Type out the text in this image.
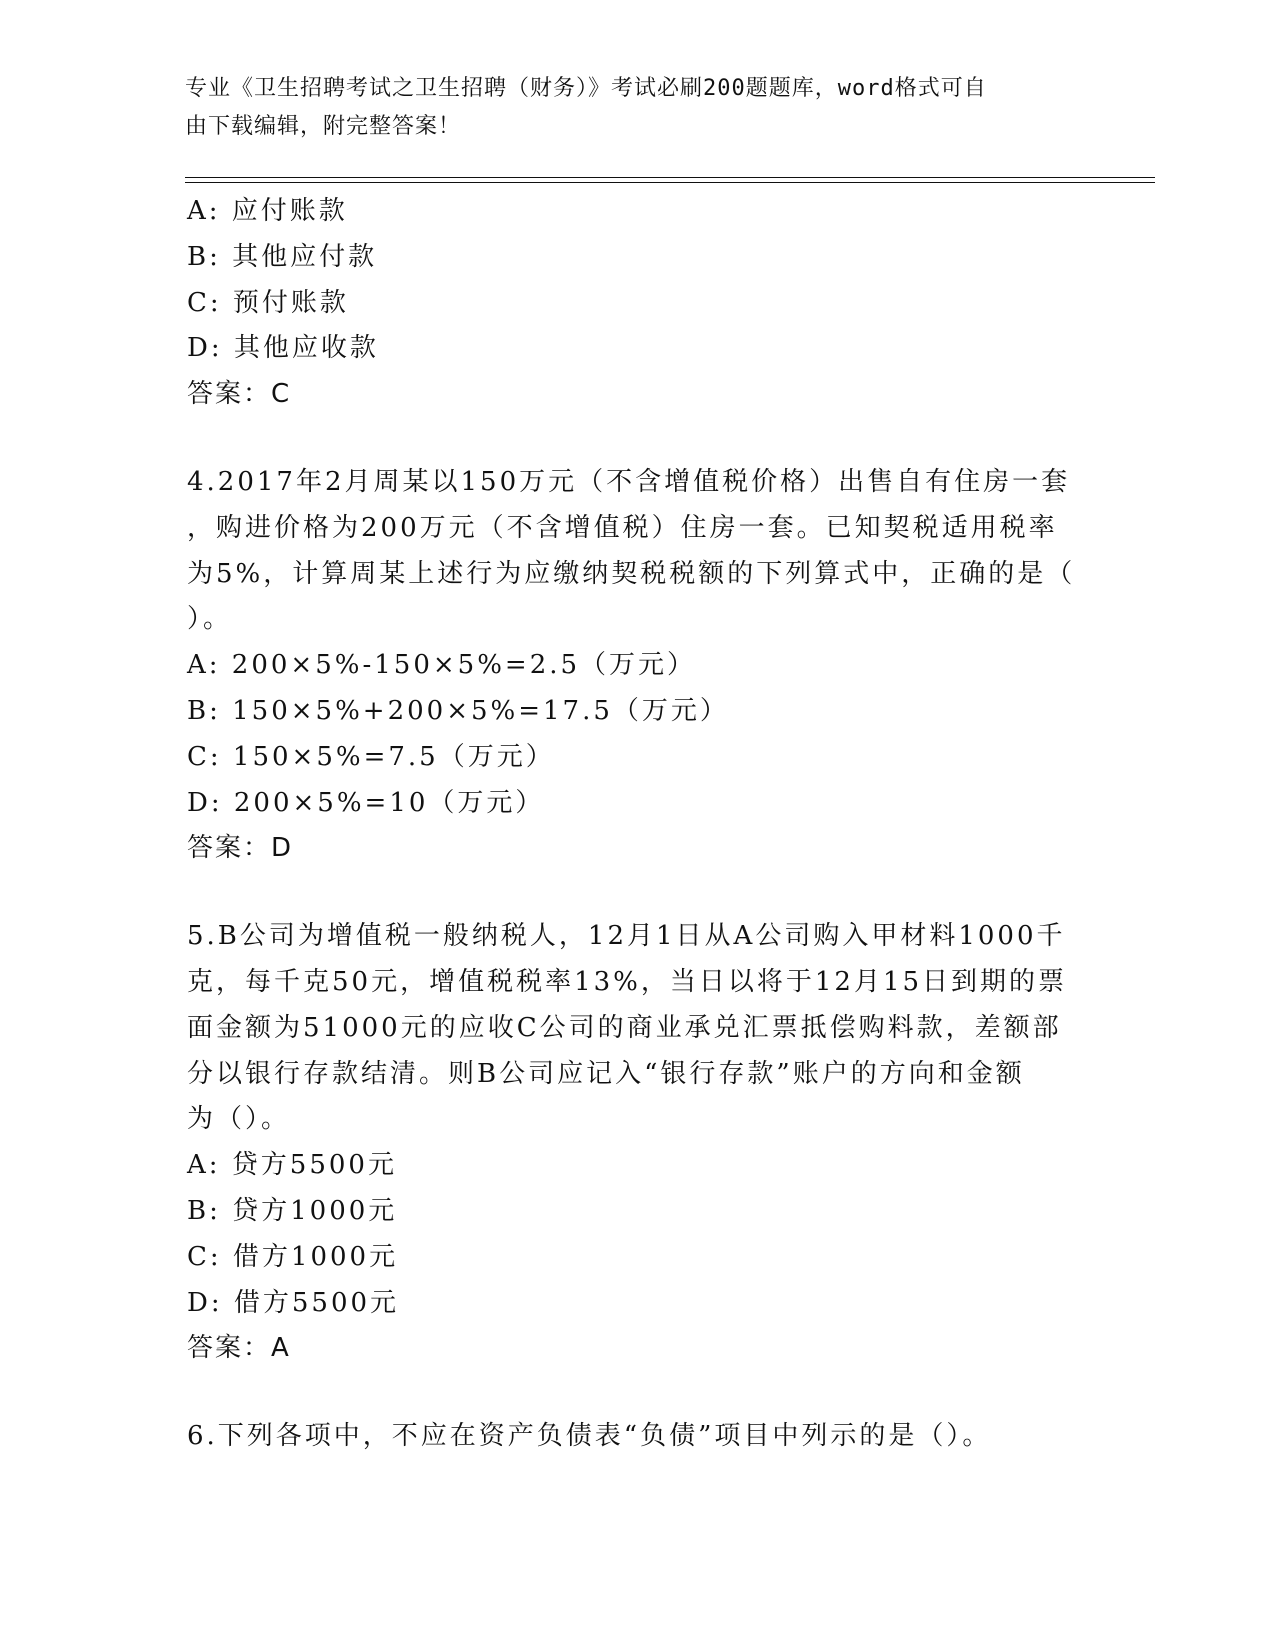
专业《卫生招聘考试之卫生招聘（财务）》考试必刷200题题库，word格式可自
由下载编辑，附完整答案！
A: 应付账款
B: 其他应付款
C: 预付账款
D: 其他应收款
答案：C
4.2017年2月周某以150万元（不含增值税价格）出售自有住房一套
，购进价格为200万元（不含增值税）住房一套。已知契税适用税率
为5%，计算周某上述行为应缴纳契税税额的下列算式中，正确的是（
）。
A: 200×5%-150×5%=2.5（万元）
B: 150×5%+200×5%=17.5（万元）
C: 150×5%=7.5（万元）
D: 200×5%=10（万元）
答案：D
5.B公司为增值税一般纳税人，12月1日从A公司购入甲材料1000千
克，每千克50元，增值税税率13%，当日以将于12月15日到期的票
面金额为51000元的应收C公司的商业承兑汇票抵偿购料款，差额部
分以银行存款结清。则B公司应记入“银行存款”账户的方向和金额
为（）。
A: 贷方5500元
B: 贷方1000元
C: 借方1000元
D: 借方5500元
答案：A
6.下列各项中，不应在资产负债表“负债”项目中列示的是（）。
